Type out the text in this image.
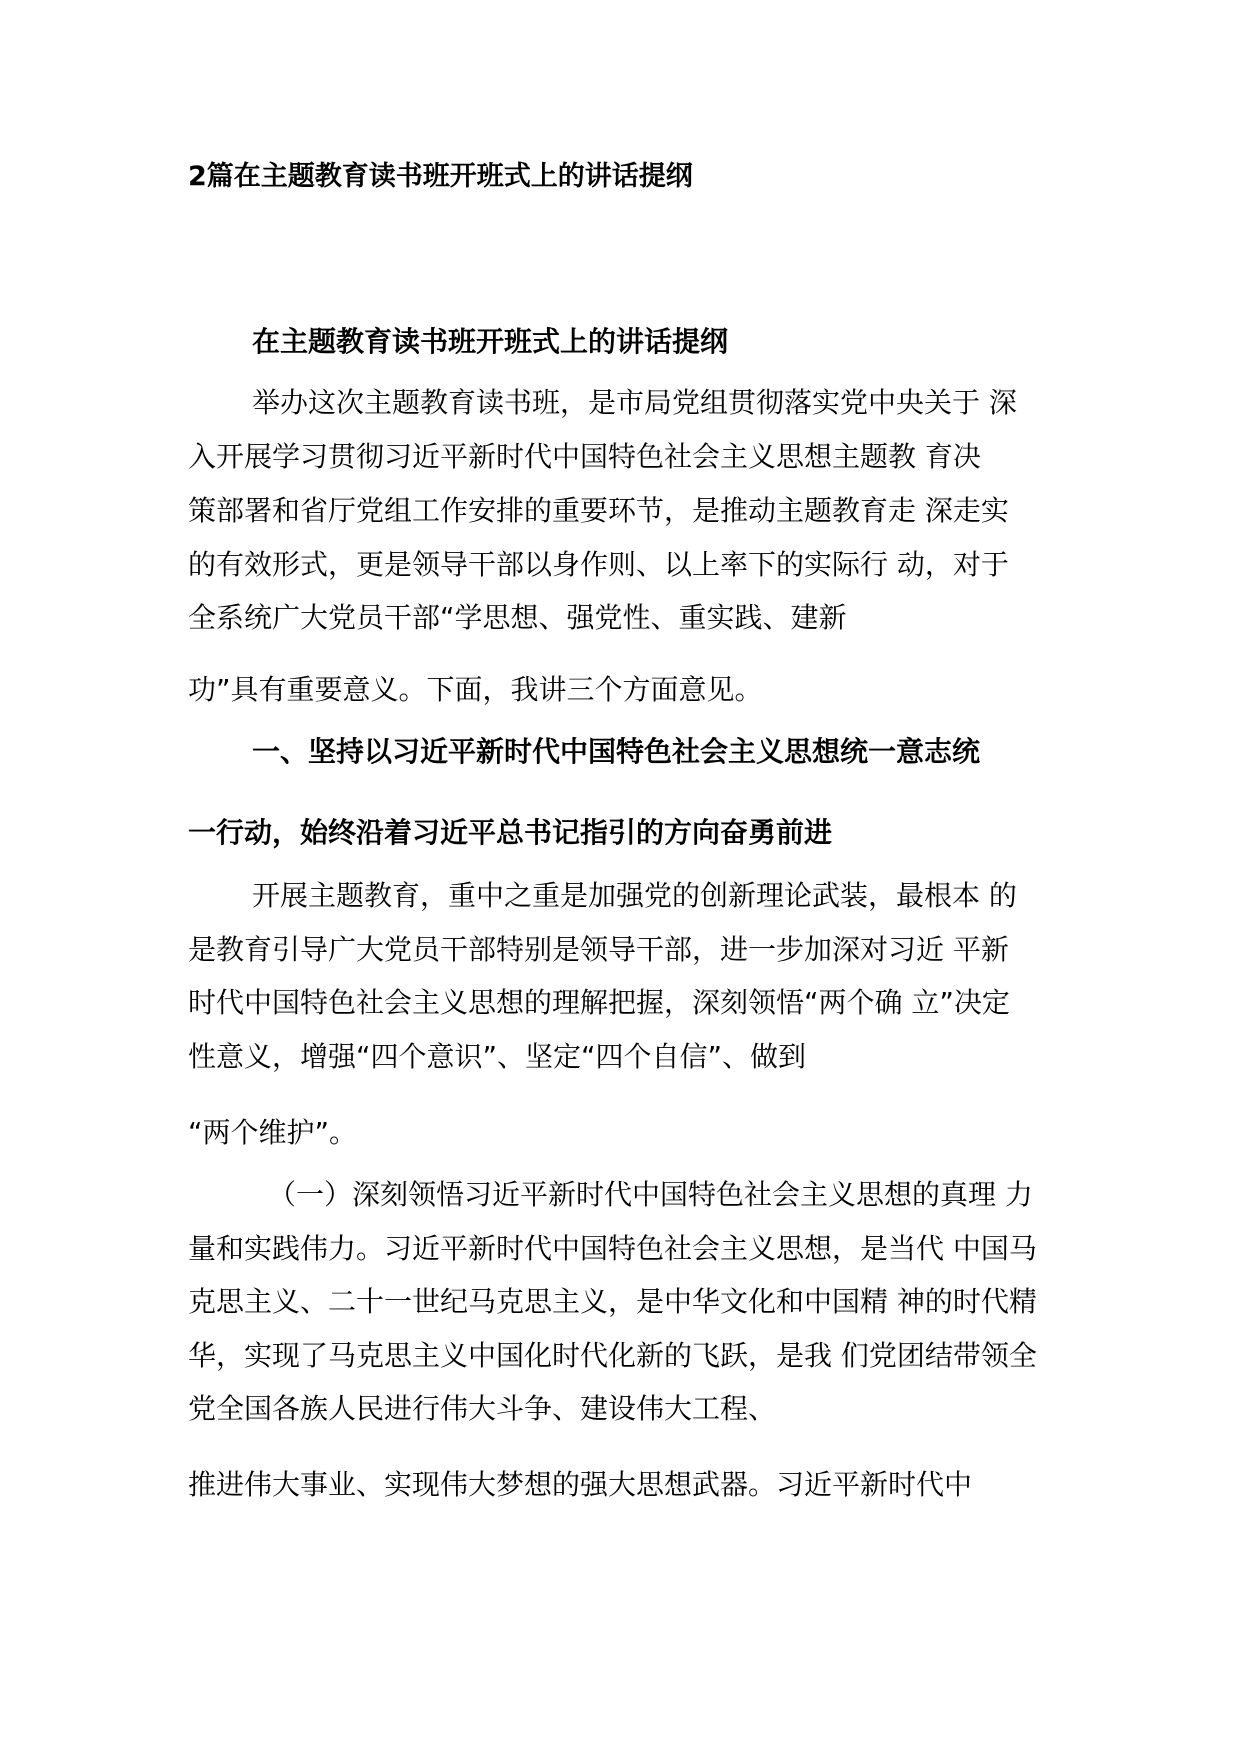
2篇在主题教育读书班开班式上的讲话提纲
在主题教育读书班开班式上的讲话提纲
举办这次主题教育读书班，是市局党组贯彻落实党中央关于 深
入开展学习贯彻习近平新时代中国特色社会主义思想主题教 育决
策部署和省厅党组工作安排的重要环节，是推动主题教育走 深走实
的有效形式，更是领导干部以身作则、以上率下的实际行 动，对于
全系统广大党员干部“学思想、强党性、重实践、建新
功”具有重要意义。下面，我讲三个方面意见。
一、坚持以习近平新时代中国特色社会主义思想统一意志统
一行动，始终沿着习近平总书记指引的方向奋勇前进
开展主题教育，重中之重是加强党的创新理论武装，最根本 的
是教育引导广大党员干部特别是领导干部，进一步加深对习近 平新
时代中国特色社会主义思想的理解把握，深刻领悟“两个确 立”决定
性意义，增强“四个意识”、坚定“四个自信”、做到
“两个维护”。
（一）深刻领悟习近平新时代中国特色社会主义思想的真理 力
量和实践伟力。习近平新时代中国特色社会主义思想，是当代 中国马
克思主义、二十一世纪马克思主义，是中华文化和中国精 神的时代精
华，实现了马克思主义中国化时代化新的飞跃，是我 们党团结带领全
党全国各族人民进行伟大斗争、建设伟大工程、
推进伟大事业、实现伟大梦想的强大思想武器。习近平新时代中
